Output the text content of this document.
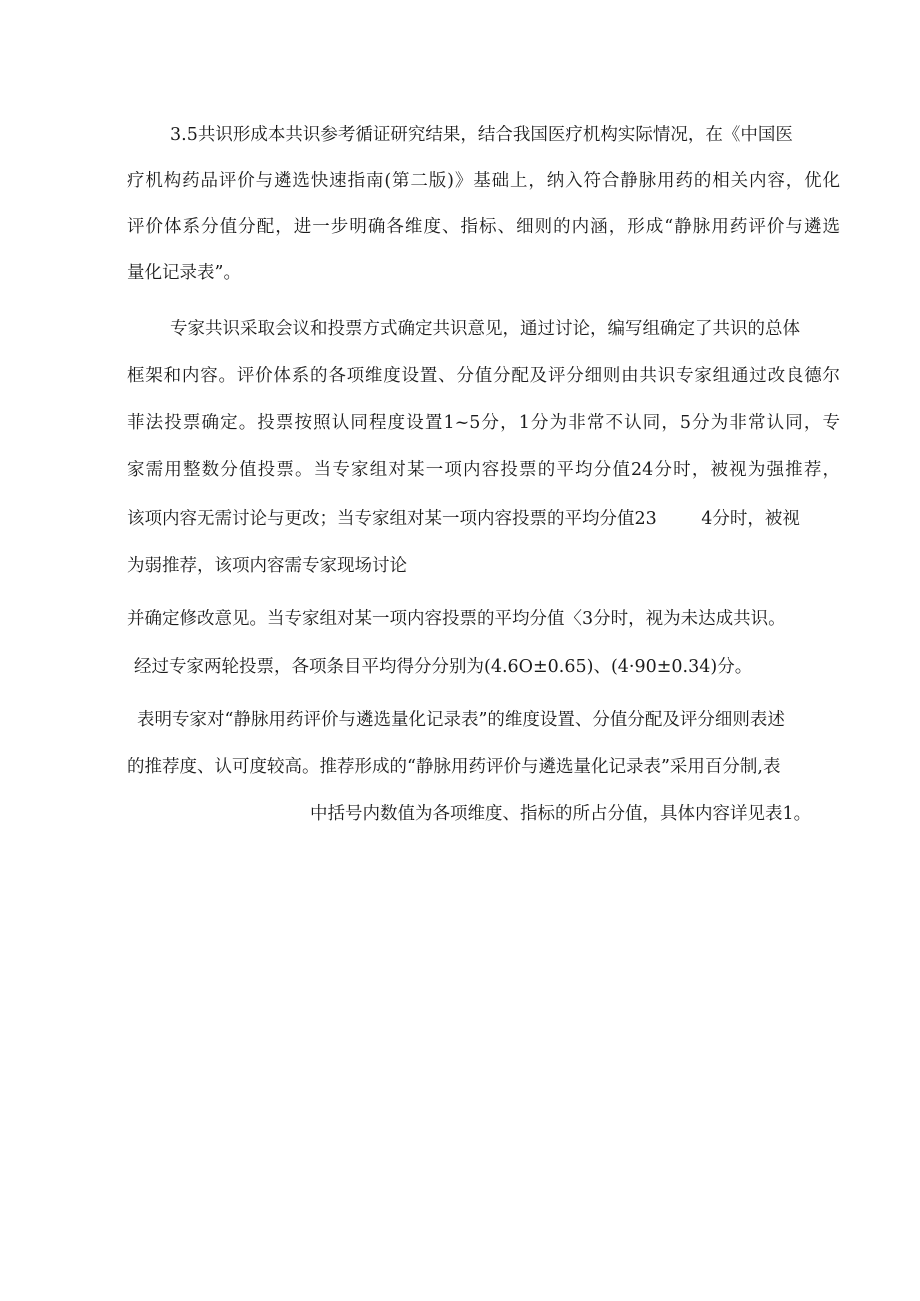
3.5共识形成本共识参考循证研究结果，结合我国医疗机构实际情况，在《中国医

疗机构药品评价与遴选快速指南(第二版)》基础上，纳入符合静脉用药的相关内容，优化

评价体系分值分配，进一步明确各维度、指标、细则的内涵，形成“静脉用药评价与遴选

量化记录表”。

专家共识采取会议和投票方式确定共识意见，通过讨论，编写组确定了共识的总体

框架和内容。评价体系的各项维度设置、分值分配及评分细则由共识专家组通过改良德尔

菲法投票确定。投票按照认同程度设置1~5分，1分为非常不认同，5分为非常认同，专

家需用整数分值投票。当专家组对某一项内容投票的平均分值24分时，被视为强推荐，

该项内容无需讨论与更改；当专家组对某一项内容投票的平均分值23        4分时，被视

为弱推荐，该项内容需专家现场讨论

并确定修改意见。当专家组对某一项内容投票的平均分值〈3分时，视为未达成共识。

经过专家两轮投票，各项条目平均得分分别为(4.6O±0.65)、(4·90±0.34)分。

表明专家对“静脉用药评价与遴选量化记录表”的维度设置、分值分配及评分细则表述

的推荐度、认可度较高。推荐形成的“静脉用药评价与遴选量化记录表”采用百分制,表

中括号内数值为各项维度、指标的所占分值，具体内容详见表1。
